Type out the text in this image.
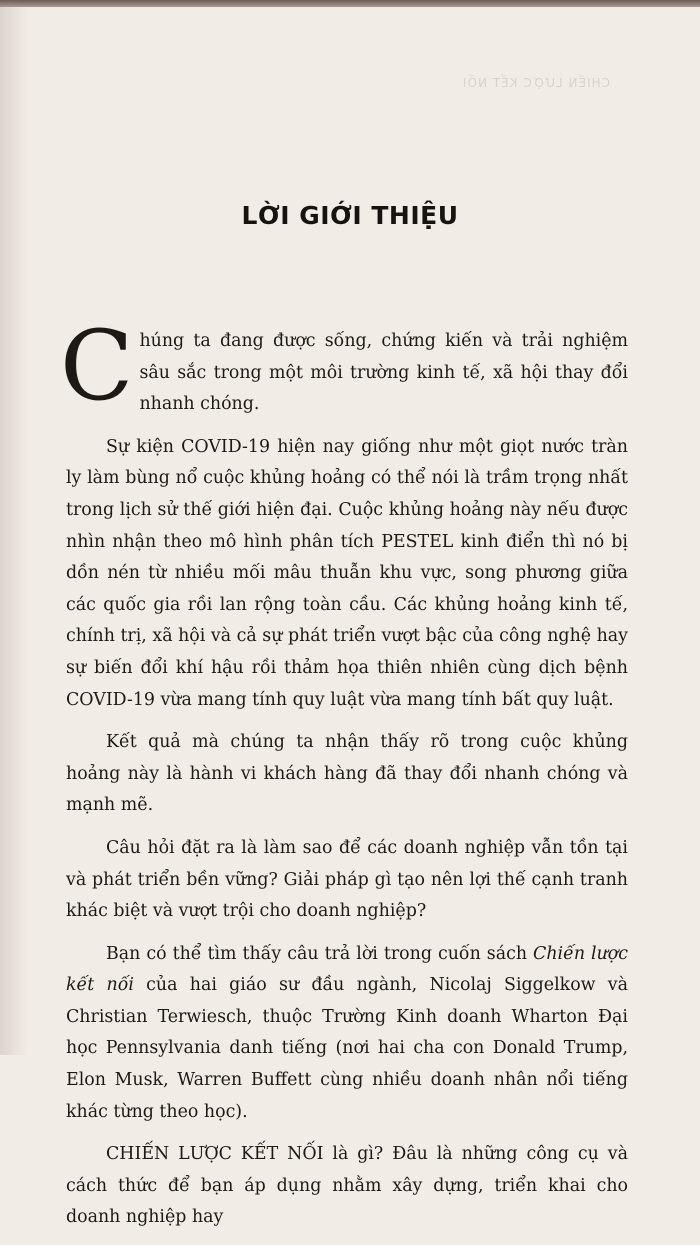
CHIẾN LƯỢC KẾT NỐI
LỜI GIỚI THIỆU

Chúng ta đang được sống, chứng kiến và trải nghiệm sâu sắc trong một môi trường kinh tế, xã hội thay đổi nhanh chóng.

Sự kiện COVID-19 hiện nay giống như một giọt nước tràn ly làm bùng nổ cuộc khủng hoảng có thể nói là trầm trọng nhất trong lịch sử thế giới hiện đại. Cuộc khủng hoảng này nếu được nhìn nhận theo mô hình phân tích PESTEL kinh điển thì nó bị dồn nén từ nhiều mối mâu thuẫn khu vực, song phương giữa các quốc gia rồi lan rộng toàn cầu. Các khủng hoảng kinh tế, chính trị, xã hội và cả sự phát triển vượt bậc của công nghệ hay sự biến đổi khí hậu rồi thảm họa thiên nhiên cùng dịch bệnh COVID-19 vừa mang tính quy luật vừa mang tính bất quy luật.

Kết quả mà chúng ta nhận thấy rõ trong cuộc khủng hoảng này là hành vi khách hàng đã thay đổi nhanh chóng và mạnh mẽ.

Câu hỏi đặt ra là làm sao để các doanh nghiệp vẫn tồn tại và phát triển bền vững? Giải pháp gì tạo nên lợi thế cạnh tranh khác biệt và vượt trội cho doanh nghiệp?

Bạn có thể tìm thấy câu trả lời trong cuốn sách Chiến lược kết nối của hai giáo sư đầu ngành, Nicolaj Siggelkow và Christian Terwiesch, thuộc Trường Kinh doanh Wharton Đại học Pennsylvania danh tiếng (nơi hai cha con Donald Trump, Elon Musk, Warren Buffett cùng nhiều doanh nhân nổi tiếng khác từng theo học).

CHIẾN LƯỢC KẾT NỐI là gì? Đâu là những công cụ và cách thức để bạn áp dụng nhằm xây dựng, triển khai cho doanh nghiệp hay
